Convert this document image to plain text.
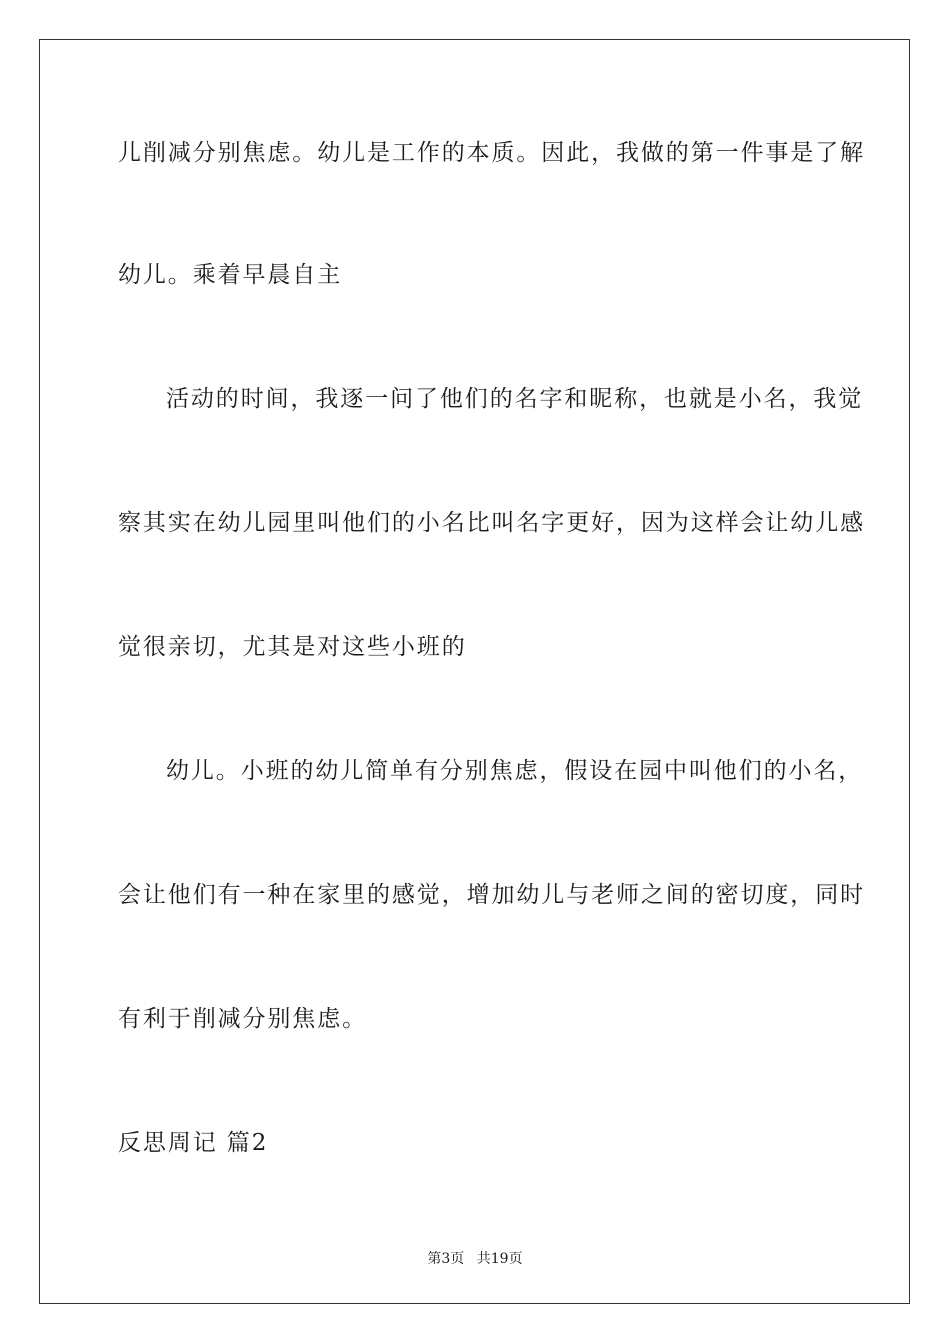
儿削减分别焦虑。幼儿是工作的本质。因此，我做的第一件事是了解
幼儿。乘着早晨自主
活动的时间，我逐一问了他们的名字和昵称，也就是小名，我觉
察其实在幼儿园里叫他们的小名比叫名字更好，因为这样会让幼儿感
觉很亲切，尤其是对这些小班的
幼儿。小班的幼儿简单有分别焦虑，假设在园中叫他们的小名，
会让他们有一种在家里的感觉，增加幼儿与老师之间的密切度，同时
有利于削减分别焦虑。
反思周记 篇2
第3页 共19页
